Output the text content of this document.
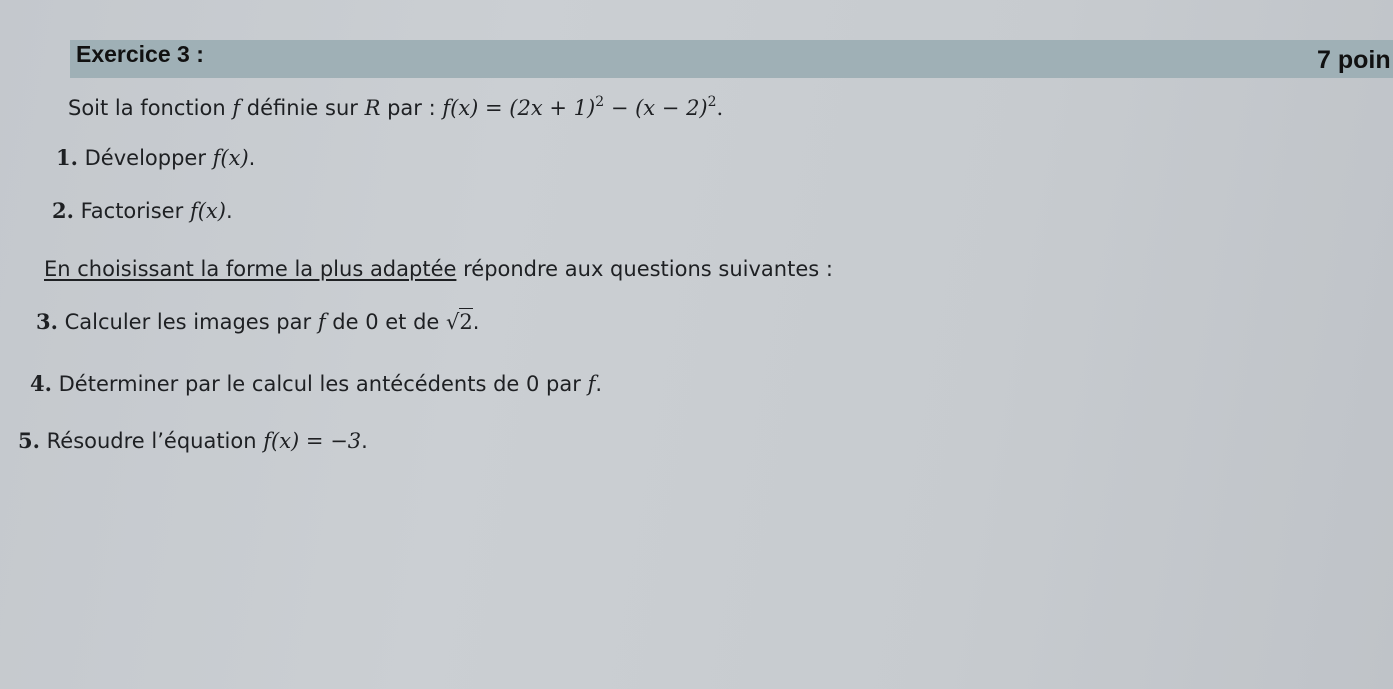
Exercice 3 :	7 poin
Soit la fonction f définie sur R par : $f(x) = (2x + 1)^2 - (x - 2)^2$.
1. Développer f(x).
2. Factoriser f(x).
En choisissant la forme la plus adaptée répondre aux questions suivantes :
3. Calculer les images par f de 0 et de √2.
4. Déterminer par le calcul les antécédents de 0 par f.
5. Résoudre l’équation f(x) = −3.
